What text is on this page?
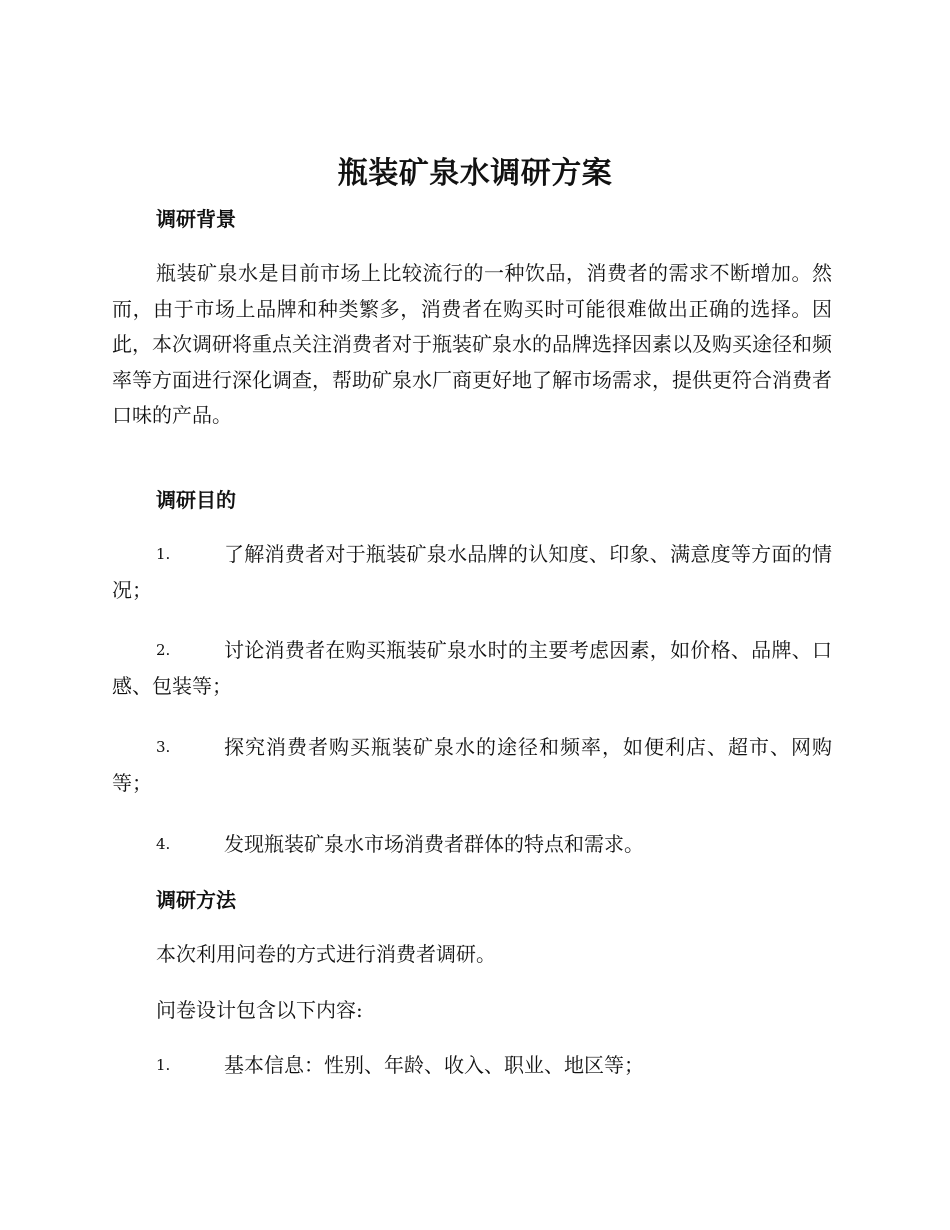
瓶装矿泉水调研方案
调研背景

瓶装矿泉水是目前市场上比较流行的一种饮品，消费者的需求不断增加。然而，由于市场上品牌和种类繁多，消费者在购买时可能很难做出正确的选择。因此，本次调研将重点关注消费者对于瓶装矿泉水的品牌选择因素以及购买途径和频率等方面进行深化调查，帮助矿泉水厂商更好地了解市场需求，提供更符合消费者口味的产品。

调研目的
1.	了解消费者对于瓶装矿泉水品牌的认知度、印象、满意度等方面的情况；
2.	讨论消费者在购买瓶装矿泉水时的主要考虑因素，如价格、品牌、口感、包装等；
3.	探究消费者购买瓶装矿泉水的途径和频率，如便利店、超市、网购等；
4.	发现瓶装矿泉水市场消费者群体的特点和需求。
调研方法
本次利用问卷的方式进行消费者调研。
问卷设计包含以下内容:
1.	基本信息：性别、年龄、收入、职业、地区等；
